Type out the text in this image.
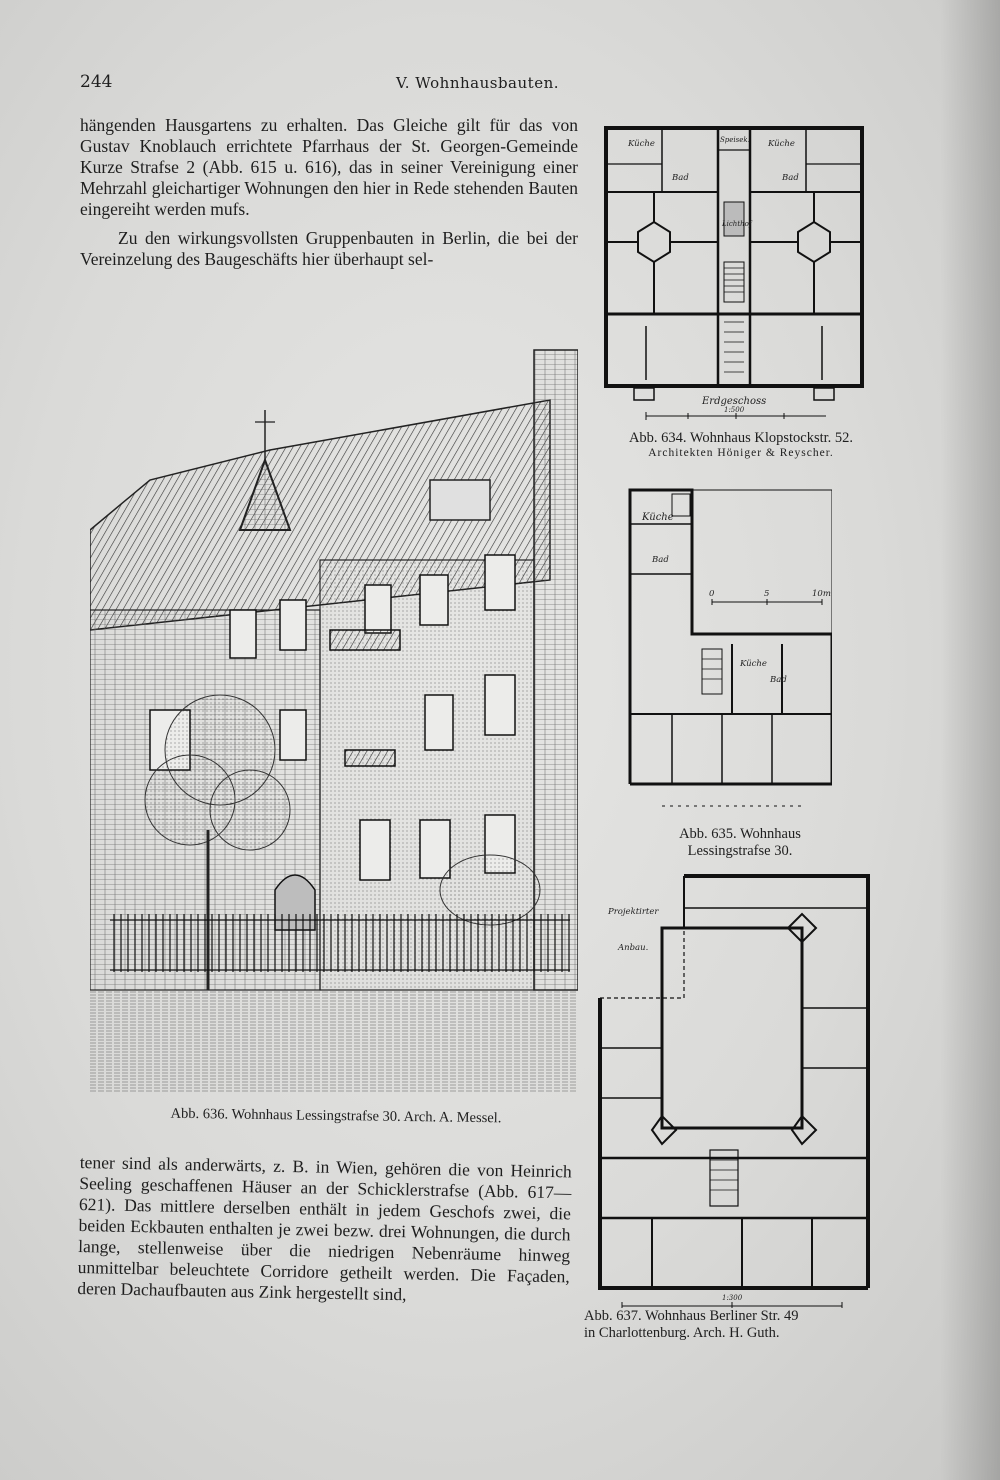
244	V. Wohnhausbauten.

hängenden Hausgartens zu erhalten. Das Gleiche gilt für das von Gustav Knoblauch errichtete Pfarrhaus der St. Georgen-Gemeinde Kurze Strafse 2 (Abb. 615 u. 616), das in seiner Vereinigung einer Mehrzahl gleichartiger Wohnungen den hier in Rede stehenden Bauten eingereiht werden mufs.

Zu den wirkungsvollsten Gruppenbauten in Berlin, die bei der Vereinzelung des Baugeschäfts hier überhaupt sel-

Küche	Küche
Speisek.
Bad	Bad
Lichthof
Erdgeschoss
1:500
Abb. 634. Wohnhaus Klopstockstr. 52.
Architekten Höniger & Reyscher.
Abb. 636. Wohnhaus Lessingstrafse 30. Arch. A. Messel.
Küche
Bad
Küche
Bad
0	5	10m
Abb. 635. Wohnhaus
Lessingstrafse 30.
Projektirter
Anbau.
1:300
Abb. 637. Wohnhaus Berliner Str. 49
in Charlottenburg. Arch. H. Guth.

tener sind als anderwärts, z. B. in Wien, gehören die von Heinrich Seeling geschaffenen Häuser an der Schicklerstrafse (Abb. 617—621). Das mittlere derselben enthält in jedem Geschofs zwei, die beiden Eckbauten enthalten je zwei bezw. drei Wohnungen, die durch lange, stellenweise über die niedrigen Nebenräume hinweg unmittelbar beleuchtete Corridore getheilt werden. Die Façaden, deren Dachaufbauten aus Zink hergestellt sind,
